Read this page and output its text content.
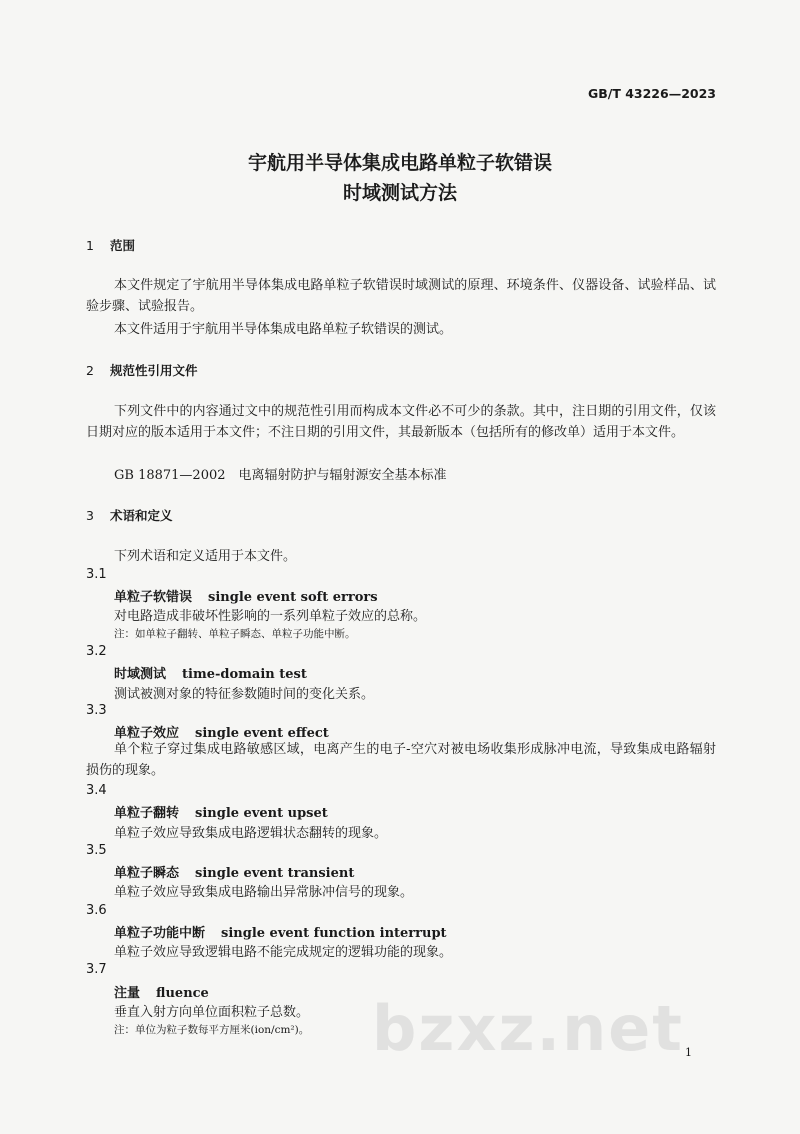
GB/T 43226—2023
宇航用半导体集成电路单粒子软错误
时域测试方法
1 范围
本文件规定了宇航用半导体集成电路单粒子软错误时域测试的原理、环境条件、仪器设备、试验样品、试验步骤、试验报告。
本文件适用于宇航用半导体集成电路单粒子软错误的测试。
2 规范性引用文件
下列文件中的内容通过文中的规范性引用而构成本文件必不可少的条款。其中，注日期的引用文件，仅该日期对应的版本适用于本文件；不注日期的引用文件，其最新版本（包括所有的修改单）适用于本文件。
GB 18871—2002　电离辐射防护与辐射源安全基本标准
3 术语和定义
下列术语和定义适用于本文件。
3.1
单粒子软错误 single event soft errors
对电路造成非破坏性影响的一系列单粒子效应的总称。
注：如单粒子翻转、单粒子瞬态、单粒子功能中断。
3.2
时域测试 time-domain test
测试被测对象的特征参数随时间的变化关系。
3.3
单粒子效应 single event effect
单个粒子穿过集成电路敏感区域，电离产生的电子-空穴对被电场收集形成脉冲电流，导致集成电路辐射损伤的现象。
3.4
单粒子翻转 single event upset
单粒子效应导致集成电路逻辑状态翻转的现象。
3.5
单粒子瞬态 single event transient
单粒子效应导致集成电路输出异常脉冲信号的现象。
3.6
单粒子功能中断 single event function interrupt
单粒子效应导致逻辑电路不能完成规定的逻辑功能的现象。
3.7
注量 fluence
垂直入射方向单位面积粒子总数。
注：单位为粒子数每平方厘米(ion/cm²)。 bzxz.net 1
